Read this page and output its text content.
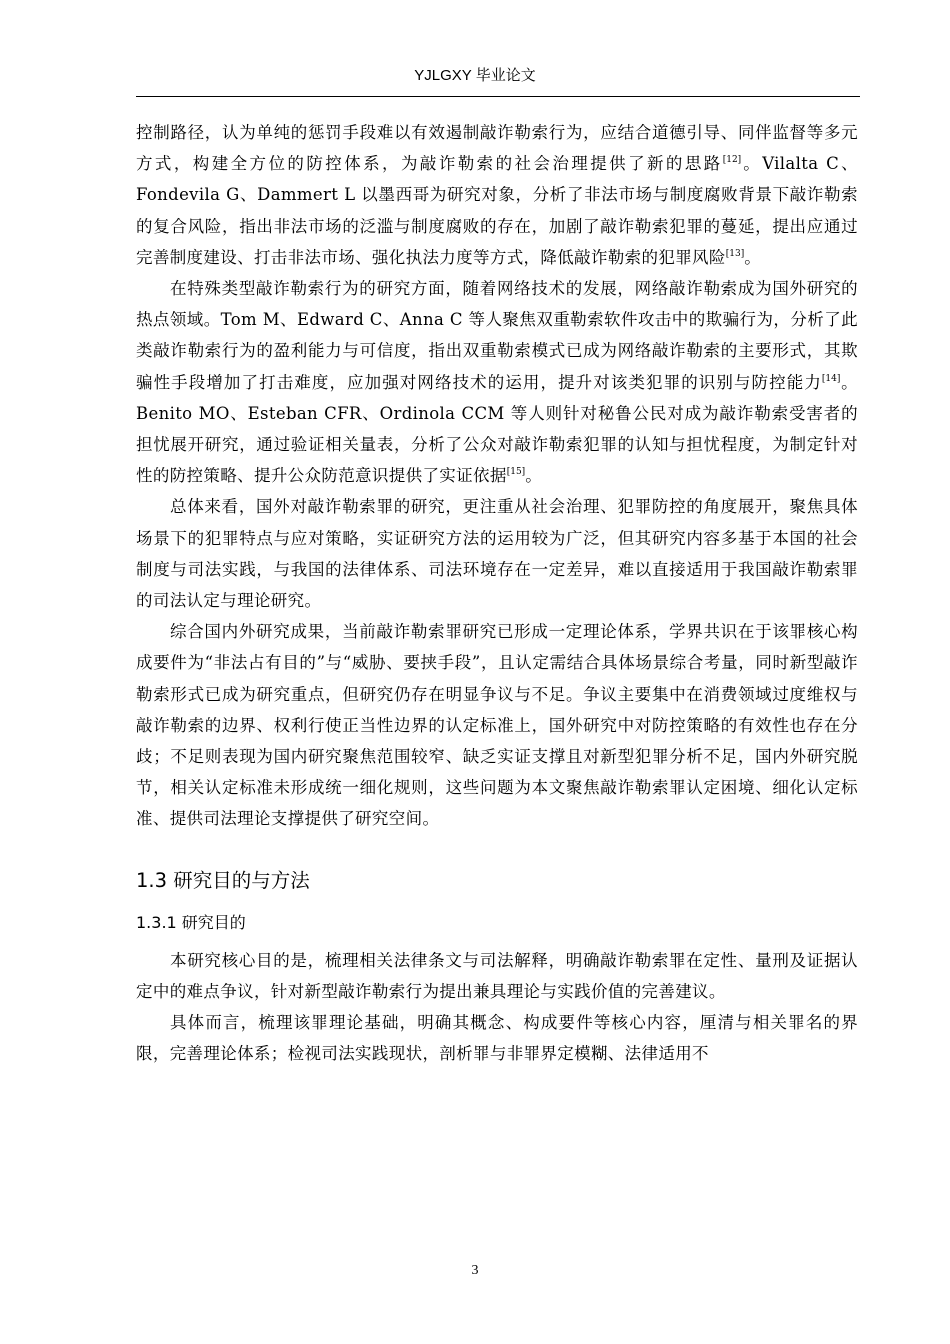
YJLGXY 毕业论文

控制路径，认为单纯的惩罚手段难以有效遏制敲诈勒索行为，应结合道德引导、同伴监督等多元方式，构建全方位的防控体系，为敲诈勒索的社会治理提供了新的思路[12]。Vilalta C、Fondevila G、Dammert L 以墨西哥为研究对象，分析了非法市场与制度腐败背景下敲诈勒索的复合风险，指出非法市场的泛滥与制度腐败的存在，加剧了敲诈勒索犯罪的蔓延，提出应通过完善制度建设、打击非法市场、强化执法力度等方式，降低敲诈勒索的犯罪风险[13]。

在特殊类型敲诈勒索行为的研究方面，随着网络技术的发展，网络敲诈勒索成为国外研究的热点领域。Tom M、Edward C、Anna C 等人聚焦双重勒索软件攻击中的欺骗行为，分析了此类敲诈勒索行为的盈利能力与可信度，指出双重勒索模式已成为网络敲诈勒索的主要形式，其欺骗性手段增加了打击难度，应加强对网络技术的运用，提升对该类犯罪的识别与防控能力[14]。Benito MO、Esteban CFR、Ordinola CCM 等人则针对秘鲁公民对成为敲诈勒索受害者的担忧展开研究，通过验证相关量表，分析了公众对敲诈勒索犯罪的认知与担忧程度，为制定针对性的防控策略、提升公众防范意识提供了实证依据[15]。

总体来看，国外对敲诈勒索罪的研究，更注重从社会治理、犯罪防控的角度展开，聚焦具体场景下的犯罪特点与应对策略，实证研究方法的运用较为广泛，但其研究内容多基于本国的社会制度与司法实践，与我国的法律体系、司法环境存在一定差异，难以直接适用于我国敲诈勒索罪的司法认定与理论研究。

综合国内外研究成果，当前敲诈勒索罪研究已形成一定理论体系，学界共识在于该罪核心构成要件为“非法占有目的”与“威胁、要挟手段”，且认定需结合具体场景综合考量，同时新型敲诈勒索形式已成为研究重点，但研究仍存在明显争议与不足。争议主要集中在消费领域过度维权与敲诈勒索的边界、权利行使正当性边界的认定标准上，国外研究中对防控策略的有效性也存在分歧；不足则表现为国内研究聚焦范围较窄、缺乏实证支撑且对新型犯罪分析不足，国内外研究脱节，相关认定标准未形成统一细化规则，这些问题为本文聚焦敲诈勒索罪认定困境、细化认定标准、提供司法理论支撑提供了研究空间。

1.3 研究目的与方法
1.3.1 研究目的

本研究核心目的是，梳理相关法律条文与司法解释，明确敲诈勒索罪在定性、量刑及证据认定中的难点争议，针对新型敲诈勒索行为提出兼具理论与实践价值的完善建议。

具体而言，梳理该罪理论基础，明确其概念、构成要件等核心内容，厘清与相关罪名的界限，完善理论体系；检视司法实践现状，剖析罪与非罪界定模糊、法律适用不

3
